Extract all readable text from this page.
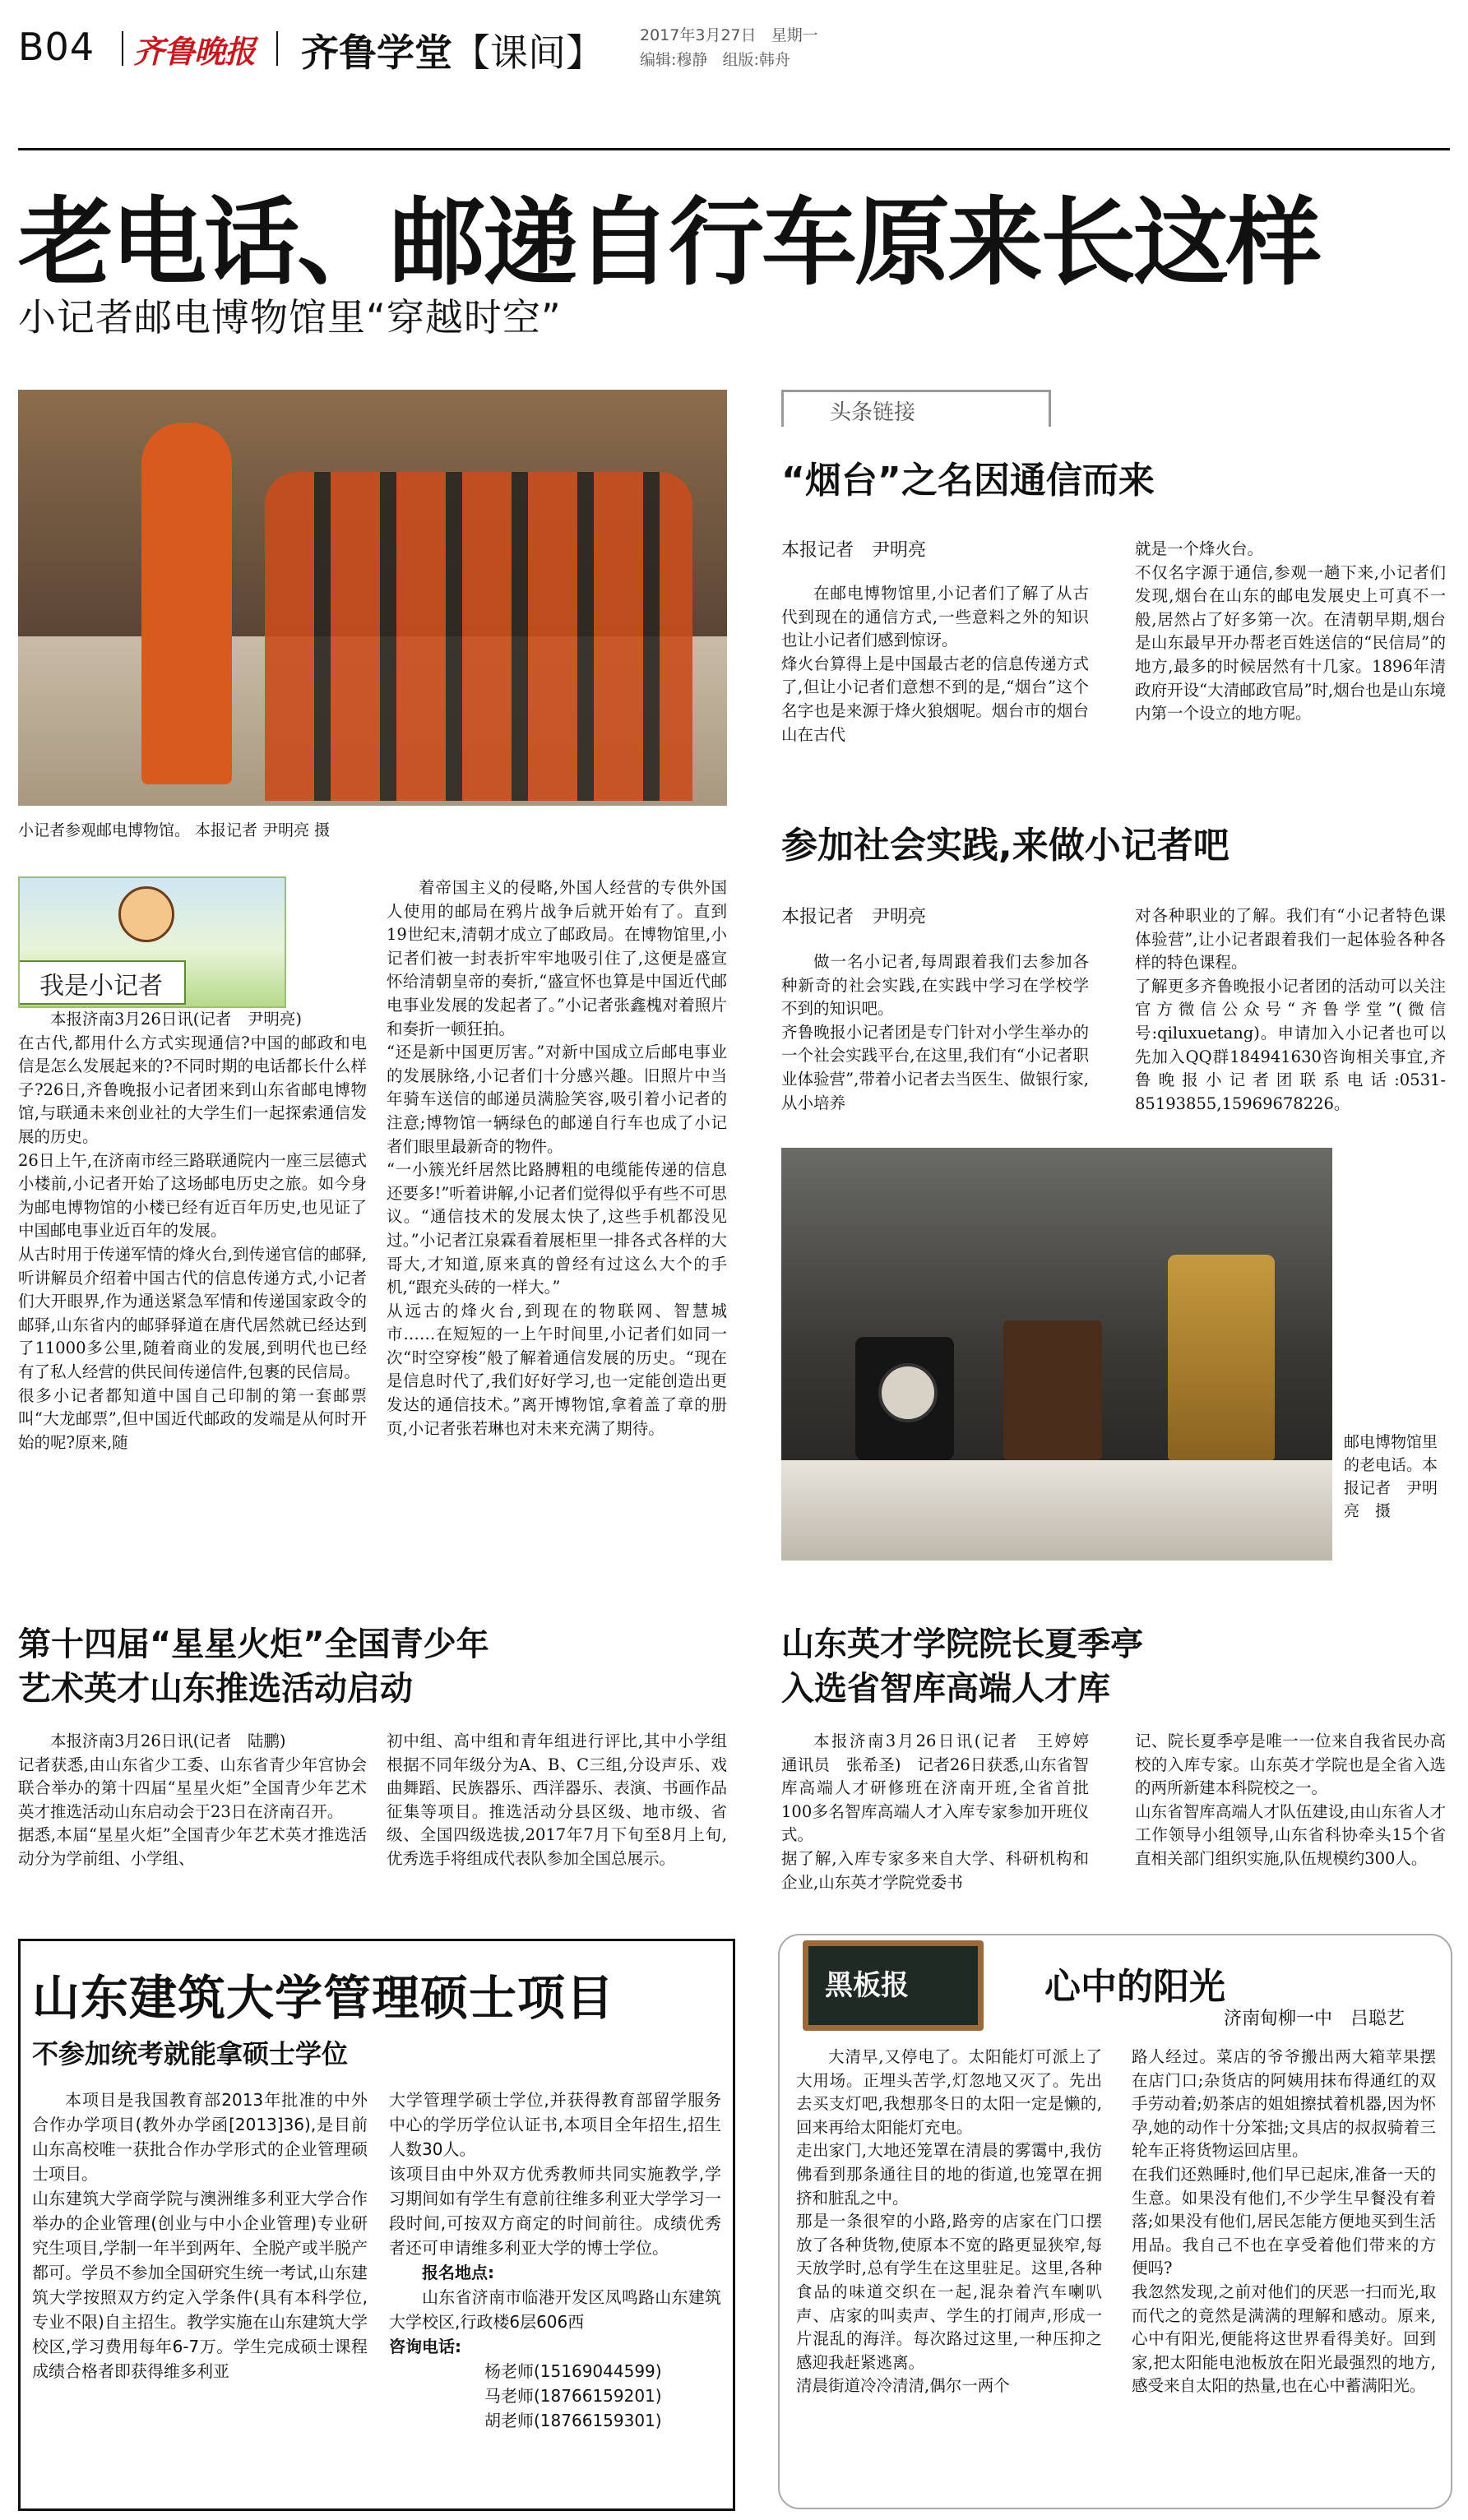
B04 齐鲁晚报 齐鲁学堂【课间】 2017年3月27日 星期一
编辑:穆静 组版:韩舟
老电话、邮递自行车原来长这样
小记者邮电博物馆里“穿越时空”
小记者参观邮电博物馆。 本报记者 尹明亮 摄
我是小记者
本报济南3月26日讯(记者　尹明亮)
在古代,都用什么方式实现通信?中国的邮政和电信是怎么发展起来的?不同时期的电话都长什么样子?26日,齐鲁晚报小记者团来到山东省邮电博物馆,与联通未来创业社的大学生们一起探索通信发展的历史。
26日上午,在济南市经三路联通院内一座三层德式小楼前,小记者开始了这场邮电历史之旅。如今身为邮电博物馆的小楼已经有近百年历史,也见证了中国邮电事业近百年的发展。
从古时用于传递军情的烽火台,到传递官信的邮驿,听讲解员介绍着中国古代的信息传递方式,小记者们大开眼界,作为通送紧急军情和传递国家政令的邮驿,山东省内的邮驿驿道在唐代居然就已经达到了11000多公里,随着商业的发展,到明代也已经有了私人经营的供民间传递信件,包裹的民信局。
很多小记者都知道中国自己印制的第一套邮票叫“大龙邮票”,但中国近代邮政的发端是从何时开始的呢?原来,随
着帝国主义的侵略,外国人经营的专供外国人使用的邮局在鸦片战争后就开始有了。直到19世纪末,清朝才成立了邮政局。在博物馆里,小记者们被一封表折牢牢地吸引住了,这便是盛宣怀给清朝皇帝的奏折,“盛宣怀也算是中国近代邮电事业发展的发起者了。”小记者张鑫槐对着照片和奏折一顿狂拍。
“还是新中国更厉害。”对新中国成立后邮电事业的发展脉络,小记者们十分感兴趣。旧照片中当年骑车送信的邮递员满脸笑容,吸引着小记者的注意;博物馆一辆绿色的邮递自行车也成了小记者们眼里最新奇的物件。
“一小簇光纤居然比路膊粗的电缆能传递的信息还要多!”听着讲解,小记者们觉得似乎有些不可思议。“通信技术的发展太快了,这些手机都没见过。”小记者江泉霖看着展柜里一排各式各样的大哥大,才知道,原来真的曾经有过这么大个的手机,“跟充头砖的一样大。”
从远古的烽火台,到现在的物联网、智慧城市……在短短的一上午时间里,小记者们如同一次“时空穿梭”般了解着通信发展的历史。“现在是信息时代了,我们好好学习,也一定能创造出更发达的通信技术。”离开博物馆,拿着盖了章的册页,小记者张若琳也对未来充满了期待。
头条链接
“烟台”之名因通信而来
本报记者　尹明亮
在邮电博物馆里,小记者们了解了从古代到现在的通信方式,一些意料之外的知识也让小记者们感到惊讶。
烽火台算得上是中国最古老的信息传递方式了,但让小记者们意想不到的是,“烟台”这个名字也是来源于烽火狼烟呢。烟台市的烟台山在古代
就是一个烽火台。
不仅名字源于通信,参观一趟下来,小记者们发现,烟台在山东的邮电发展史上可真不一般,居然占了好多第一次。在清朝早期,烟台是山东最早开办帮老百姓送信的“民信局”的地方,最多的时候居然有十几家。1896年清政府开设“大清邮政官局”时,烟台也是山东境内第一个设立的地方呢。
参加社会实践,来做小记者吧
本报记者　尹明亮
做一名小记者,每周跟着我们去参加各种新奇的社会实践,在实践中学习在学校学不到的知识吧。
齐鲁晚报小记者团是专门针对小学生举办的一个社会实践平台,在这里,我们有“小记者职业体验营”,带着小记者去当医生、做银行家,从小培养
对各种职业的了解。我们有“小记者特色课体验营”,让小记者跟着我们一起体验各种各样的特色课程。
了解更多齐鲁晚报小记者团的活动可以关注官方微信公众号“齐鲁学堂”(微信号:qiluxuetang)。申请加入小记者也可以先加入QQ群184941630咨询相关事宜,齐鲁晚报小记者团联系电话:0531-85193855,15969678226。
邮电博物馆里的老电话。本报记者　尹明亮　摄
第十四届“星星火炬”全国青少年
艺术英才山东推选活动启动
本报济南3月26日讯(记者　陆鹏)
记者获悉,由山东省少工委、山东省青少年宫协会联合举办的第十四届“星星火炬”全国青少年艺术英才推选活动山东启动会于23日在济南召开。
据悉,本届“星星火炬”全国青少年艺术英才推选活动分为学前组、小学组、
初中组、高中组和青年组进行评比,其中小学组根据不同年级分为A、B、C三组,分设声乐、戏曲舞蹈、民族器乐、西洋器乐、表演、书画作品征集等项目。推选活动分县区级、地市级、省级、全国四级选拔,2017年7月下旬至8月上旬,优秀选手将组成代表队参加全国总展示。
山东英才学院院长夏季亭
入选省智库高端人才库
本报济南3月26日讯(记者　王婷婷　通讯员　张希圣)　记者26日获悉,山东省智库高端人才研修班在济南开班,全省首批100多名智库高端人才入库专家参加开班仪式。
据了解,入库专家多来自大学、科研机构和企业,山东英才学院党委书
记、院长夏季亭是唯一一位来自我省民办高校的入库专家。山东英才学院也是全省入选的两所新建本科院校之一。
山东省智库高端人才队伍建设,由山东省人才工作领导小组领导,山东省科协牵头15个省直相关部门组织实施,队伍规模约300人。
山东建筑大学管理硕士项目
不参加统考就能拿硕士学位
本项目是我国教育部2013年批准的中外合作办学项目(教外办学函[2013]36),是目前山东高校唯一获批合作办学形式的企业管理硕士项目。
山东建筑大学商学院与澳洲维多利亚大学合作举办的企业管理(创业与中小企业管理)专业研究生项目,学制一年半到两年、全脱产或半脱产都可。学员不参加全国研究生统一考试,山东建筑大学按照双方约定入学条件(具有本科学位,专业不限)自主招生。教学实施在山东建筑大学校区,学习费用每年6-7万。学生完成硕士课程成绩合格者即获得维多利亚
大学管理学硕士学位,并获得教育部留学服务中心的学历学位认证书,本项目全年招生,招生人数30人。
该项目由中外双方优秀教师共同实施教学,学习期间如有学生有意前往维多利亚大学学习一段时间,可按双方商定的时间前往。成绩优秀者还可申请维多利亚大学的博士学位。
报名地点:
山东省济南市临港开发区凤鸣路山东建筑大学校区,行政楼6层606西
咨询电话:
杨老师(15169044599)
马老师(18766159201)
胡老师(18766159301)
黑板报	心中的阳光
济南甸柳一中　吕聪艺
大清早,又停电了。太阳能灯可派上了大用场。正埋头苦学,灯忽地又灭了。先出去买支灯吧,我想那冬日的太阳一定是懒的,回来再给太阳能灯充电。
走出家门,大地还笼罩在清晨的雾霭中,我仿佛看到那条通往目的地的街道,也笼罩在拥挤和脏乱之中。
那是一条很窄的小路,路旁的店家在门口摆放了各种货物,使原本不宽的路更显狭窄,每天放学时,总有学生在这里驻足。这里,各种食品的味道交织在一起,混杂着汽车喇叭声、店家的叫卖声、学生的打闹声,形成一片混乱的海洋。每次路过这里,一种压抑之感迎我赶紧逃离。
清晨街道冷冷清清,偶尔一两个
路人经过。菜店的爷爷搬出两大箱苹果摆在店门口;杂货店的阿姨用抹布得通红的双手劳动着;奶茶店的姐姐擦拭着机器,因为怀孕,她的动作十分笨拙;文具店的叔叔骑着三轮车正将货物运回店里。
在我们还熟睡时,他们早已起床,准备一天的生意。如果没有他们,不少学生早餐没有着落;如果没有他们,居民怎能方便地买到生活用品。我自己不也在享受着他们带来的方便吗?
我忽然发现,之前对他们的厌恶一扫而光,取而代之的竟然是满满的理解和感动。原来,心中有阳光,便能将这世界看得美好。回到家,把太阳能电池板放在阳光最强烈的地方,感受来自太阳的热量,也在心中蓄满阳光。
